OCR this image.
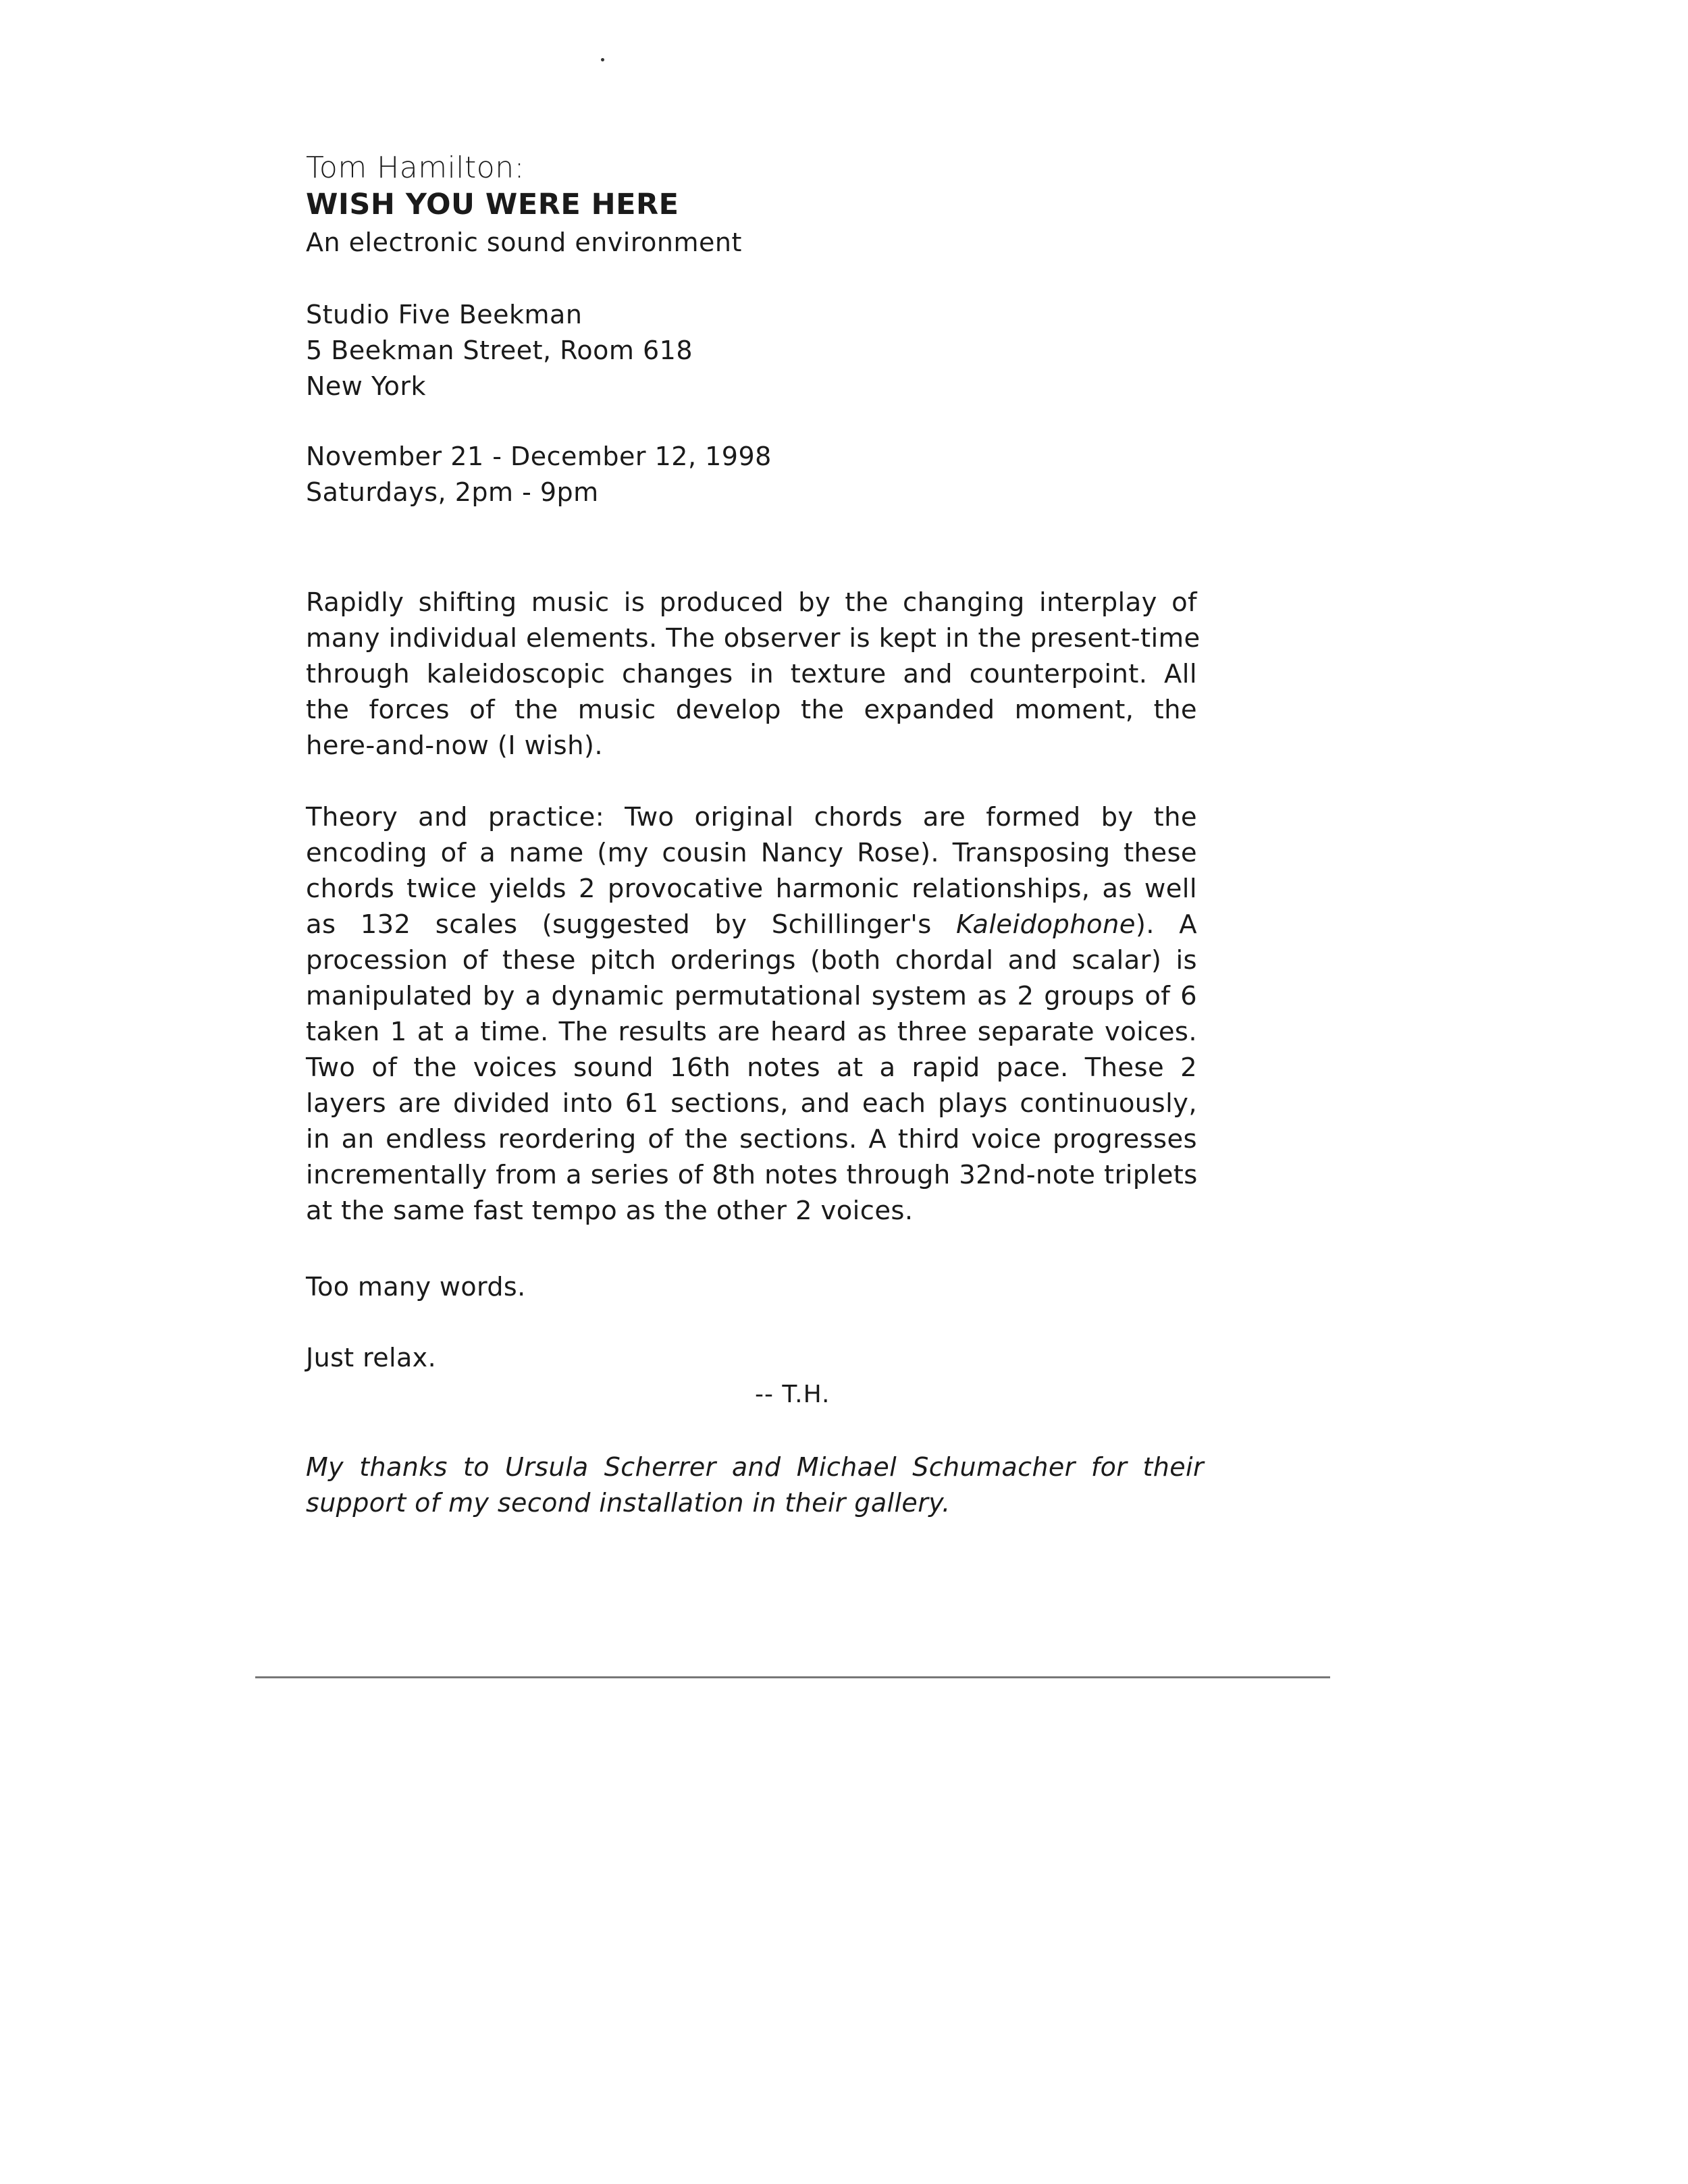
Tom Hamilton:
WISH YOU WERE HERE
An electronic sound environment
Studio Five Beekman
5 Beekman Street, Room 618
New York
November 21 - December 12, 1998
Saturdays, 2pm - 9pm
Rapidly shifting music is produced by the changing interplay of
many individual elements. The observer is kept in the present-time
through kaleidoscopic changes in texture and counterpoint. All
the forces of the music develop the expanded moment, the
here-and-now (I wish).
Theory and practice: Two original chords are formed by the
encoding of a name (my cousin Nancy Rose). Transposing these
chords twice yields 2 provocative harmonic relationships, as well
as 132 scales (suggested by Schillinger's Kaleidophone). A
procession of these pitch orderings (both chordal and scalar) is
manipulated by a dynamic permutational system as 2 groups of 6
taken 1 at a time. The results are heard as three separate voices.
Two of the voices sound 16th notes at a rapid pace. These 2
layers are divided into 61 sections, and each plays continuously,
in an endless reordering of the sections. A third voice progresses
incrementally from a series of 8th notes through 32nd-note triplets
at the same fast tempo as the other 2 voices.
Too many words.
Just relax.
-- T.H.
My thanks to Ursula Scherrer and Michael Schumacher for their
support of my second installation in their gallery.
